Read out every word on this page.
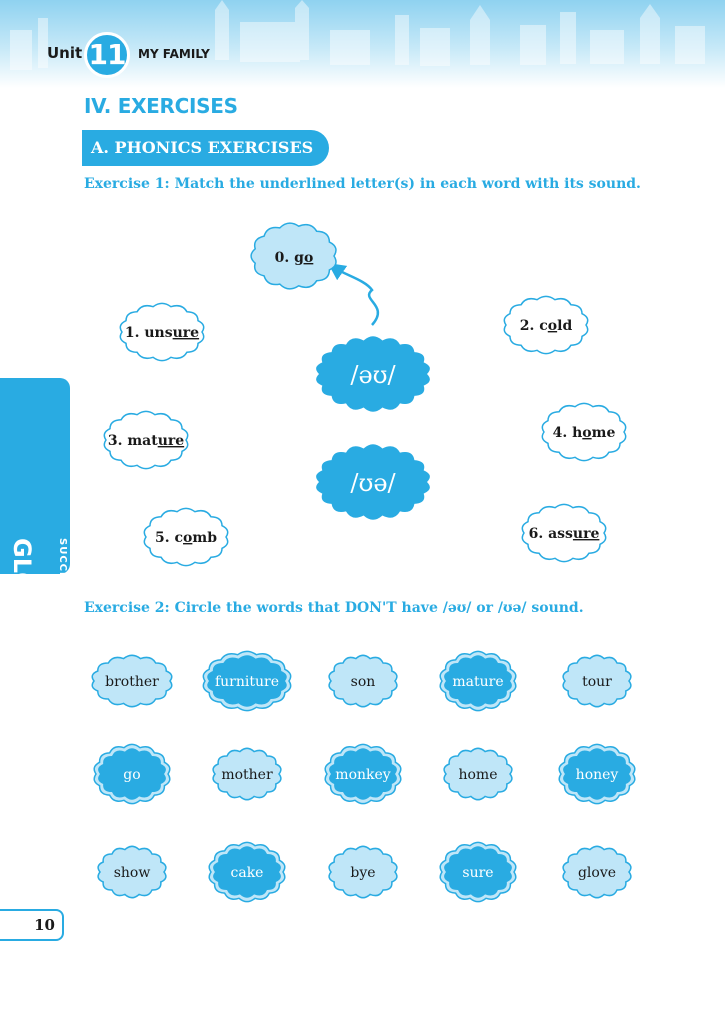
Unit 11	MY FAMILY
IV. EXERCISES
A. PHONICS EXERCISES
Exercise 1: Match the underlined letter(s) in each word with its sound.
Exercise 2: Circle the words that DON'T have /əʊ/ or /ʊə/ sound.
/əʊ/
/ʊə/
0. go
1. unsure	2. cold
3. mature	4. home
5. comb	6. assure
brother	furniture	son	mature	tour
go	mother	monkey	home	honey
show	cake	bye	sure	glove
GLOBAL SUCCESS
10
